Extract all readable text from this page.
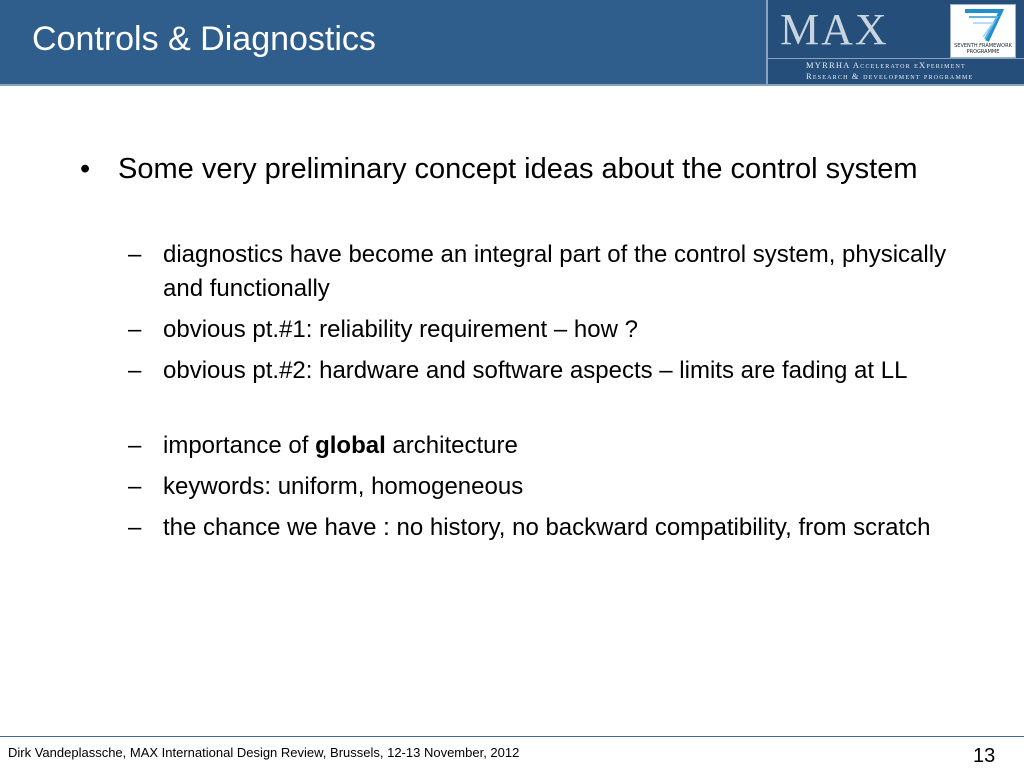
Controls & Diagnostics	MAX
MYRRHA Accelerator eXperiment
Research & development programme
SEVENTH FRAMEWORK PROGRAMME
• Some very preliminary concept ideas about the control system
– diagnostics have become an integral part of the control system, physically and functionally
– obvious pt.#1: reliability requirement – how ?
– obvious pt.#2: hardware and software aspects – limits are fading at LL
– importance of global architecture
– keywords: uniform, homogeneous
– the chance we have : no history, no backward compatibility, from scratch
Dirk Vandeplassche, MAX International Design Review, Brussels, 12-13 November, 2012	13
